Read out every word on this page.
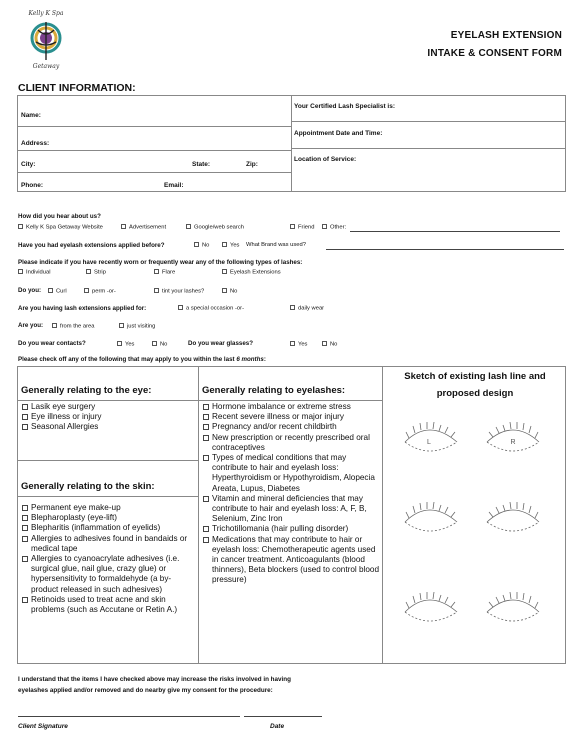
Kelly K Spa
Getaway
EYELASH EXTENSION
INTAKE & CONSENT FORM
CLIENT INFORMATION:
Name:
Address:
City:	State:	Zip:
Phone:	Email:
Your Certified Lash Specialist is:
Appointment Date and Time:
Location of Service:
How did you hear about us?
Kelly K Spa Getaway Website	Advertisement	Google/web search	Friend	Other:
Have you had eyelash extensions applied before?	No	Yes What Brand was used?
Please indicate if you have recently worn or frequently wear any of the following types of lashes:
Individual	Strip	Flare	Eyelash Extensions
Do you:	Curl	perm -or-	tint your lashes?	No
Are you having lash extensions applied for:	a special occasion -or-	daily wear
Are you:	from the area	just visiting
Do you wear contacts?	Yes	No	Do you wear glasses?	Yes	No
Please check off any of the following that may apply to you within the last 6 months:
Generally relating to the eye:	Generally relating to eyelashes:
Sketch of existing lash line and proposed design
Lasik eye surgery
Eye illness or injury
Seasonal Allergies
Generally relating to the skin:
Permanent eye make-up
Blepharoplasty (eye-lift)
Blepharitis (inflammation of eyelids)
Allergies to adhesives found in bandaids or medical tape
Allergies to cyanoacrylate adhesives (i.e. surgical glue, nail glue, crazy glue) or hypersensitivity to formaldehyde (a by-product released in such adhesives)
Retinoids used to treat acne and skin problems (such as Accutane or Retin A.)
Hormone imbalance or extreme stress
Recent severe illness or major injury
Pregnancy and/or recent childbirth
New prescription or recently prescribed oral contraceptives
Types of medical conditions that may contribute to hair and eyelash loss: Hyperthyroidism or Hypothyroidism, Alopecia Areata, Lupus, Diabetes
Vitamin and mineral deficiencies that may contribute to hair and eyelash loss: A, F, B, Selenium, Zinc Iron
Trichotillomania (hair pulling disorder)
Medications that may contribute to hair or eyelash loss: Chemotherapeutic agents used in cancer treatment. Anticoagulants (blood thinners), Beta blockers (used to control blood pressure)
L	R
I understand that the items I have checked above may increase the risks involved in having eyelashes applied and/or removed and do nearby give my consent for the procedure:
Client Signature	Date
